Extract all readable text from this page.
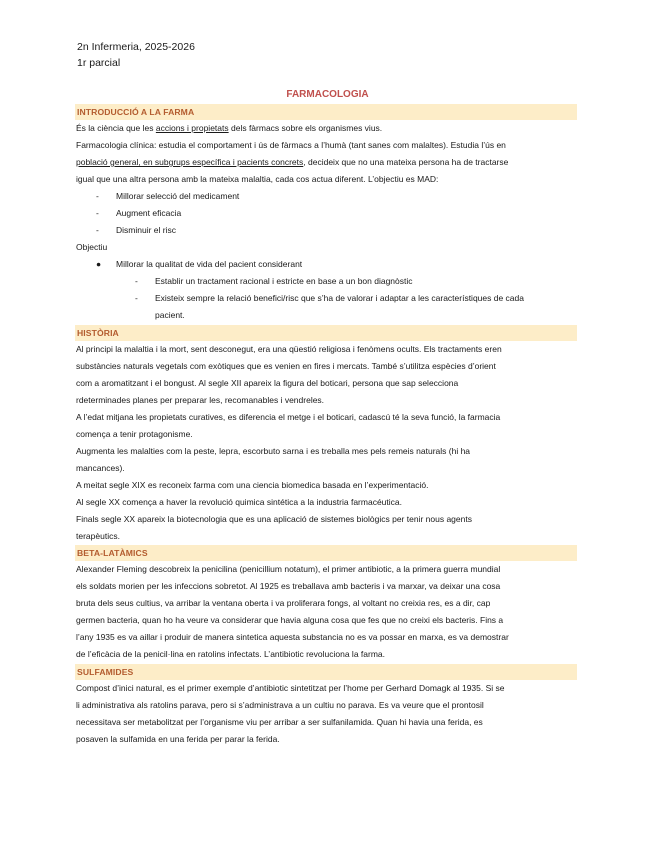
2n Infermeria, 2025-2026
1r parcial
FARMACOLOGIA
INTRODUCCIÓ A LA FARMA
És la ciència que les accions i propietats dels fàrmacs sobre els organismes vius.
Farmacologia clínica: estudia el comportament i ús de fàrmacs a l’humà (tant sanes com malaltes). Estudia l’ús en
població general, en subgrups específica i pacients concrets, decideix que no una mateixa persona ha de tractarse
igual que una altra persona amb la mateixa malaltia, cada cos actua diferent. L’objectiu es MAD:
- Millorar selecció del medicament
- Augment eficacia
- Disminuir el risc
Objectiu
● Millorar la qualitat de vida del pacient considerant
- Establir un tractament racional i estricte en base a un bon diagnòstic
- Existeix sempre la relació benefici/risc que s’ha de valorar i adaptar a les característiques de cada
pacient.
HISTÒRIA
Al principi la malaltia i la mort, sent desconegut, era una qüestió religiosa i fenòmens ocults. Els tractaments eren
substàncies naturals vegetals com exòtiques que es venien en fires i mercats. També s’utilitza espècies d’orient
com a aromatitzant i el bongust. Al segle XII apareix la figura del boticari, persona que sap selecciona
rdeterminades planes per preparar les, recomanables i vendreles.
A l’edat mitjana les propietats curatives, es diferencia el metge i el boticari, cadascú té la seva funció, la farmacia
comença a tenir protagonisme.
Augmenta les malalties com la peste, lepra, escorbuto sarna i es treballa mes pels remeis naturals (hi ha
mancances).
A meitat segle XIX es reconeix farma com una ciencia biomedica basada en l’experimentació.
Al segle XX comença a haver la revolució quimica sintética a la industria farmacéutica.
Finals segle XX apareix la biotecnologia que es una aplicació de sistemes biològics per tenir nous agents
terapèutics.
BETA-LATÀMICS
Alexander Fleming descobreix la penicilina (penicillium notatum), el primer antibiotic, a la primera guerra mundial
els soldats morien per les infeccions sobretot. Al 1925 es treballava amb bacteris i va marxar, va deixar una cosa
bruta dels seus cultius, va arribar la ventana oberta i va proliferara fongs, al voltant no creixia res, es a dir, cap
germen bacteria, quan ho ha veure va considerar que havia alguna cosa que fes que no creixi els bacteris. Fins a
l’any 1935 es va aillar i produir de manera sintetica aquesta substancia no es va possar en marxa, es va demostrar
de l’eficàcia de la penicil·lina en ratolins infectats. L’antibiotic revoluciona la farma.
SULFAMIDES
Compost d’inici natural, es el primer exemple d’antibiotic sintetitzat per l’home per Gerhard Domagk al 1935. Si se
li administrativa als ratolins parava, pero si s’administrava a un cultiu no parava. Es va veure que el prontosil
necessitava ser metabolitzat per l’organisme viu per arribar a ser sulfanilamida. Quan hi havia una ferida, es
posaven la sulfamida en una ferida per parar la ferida.
